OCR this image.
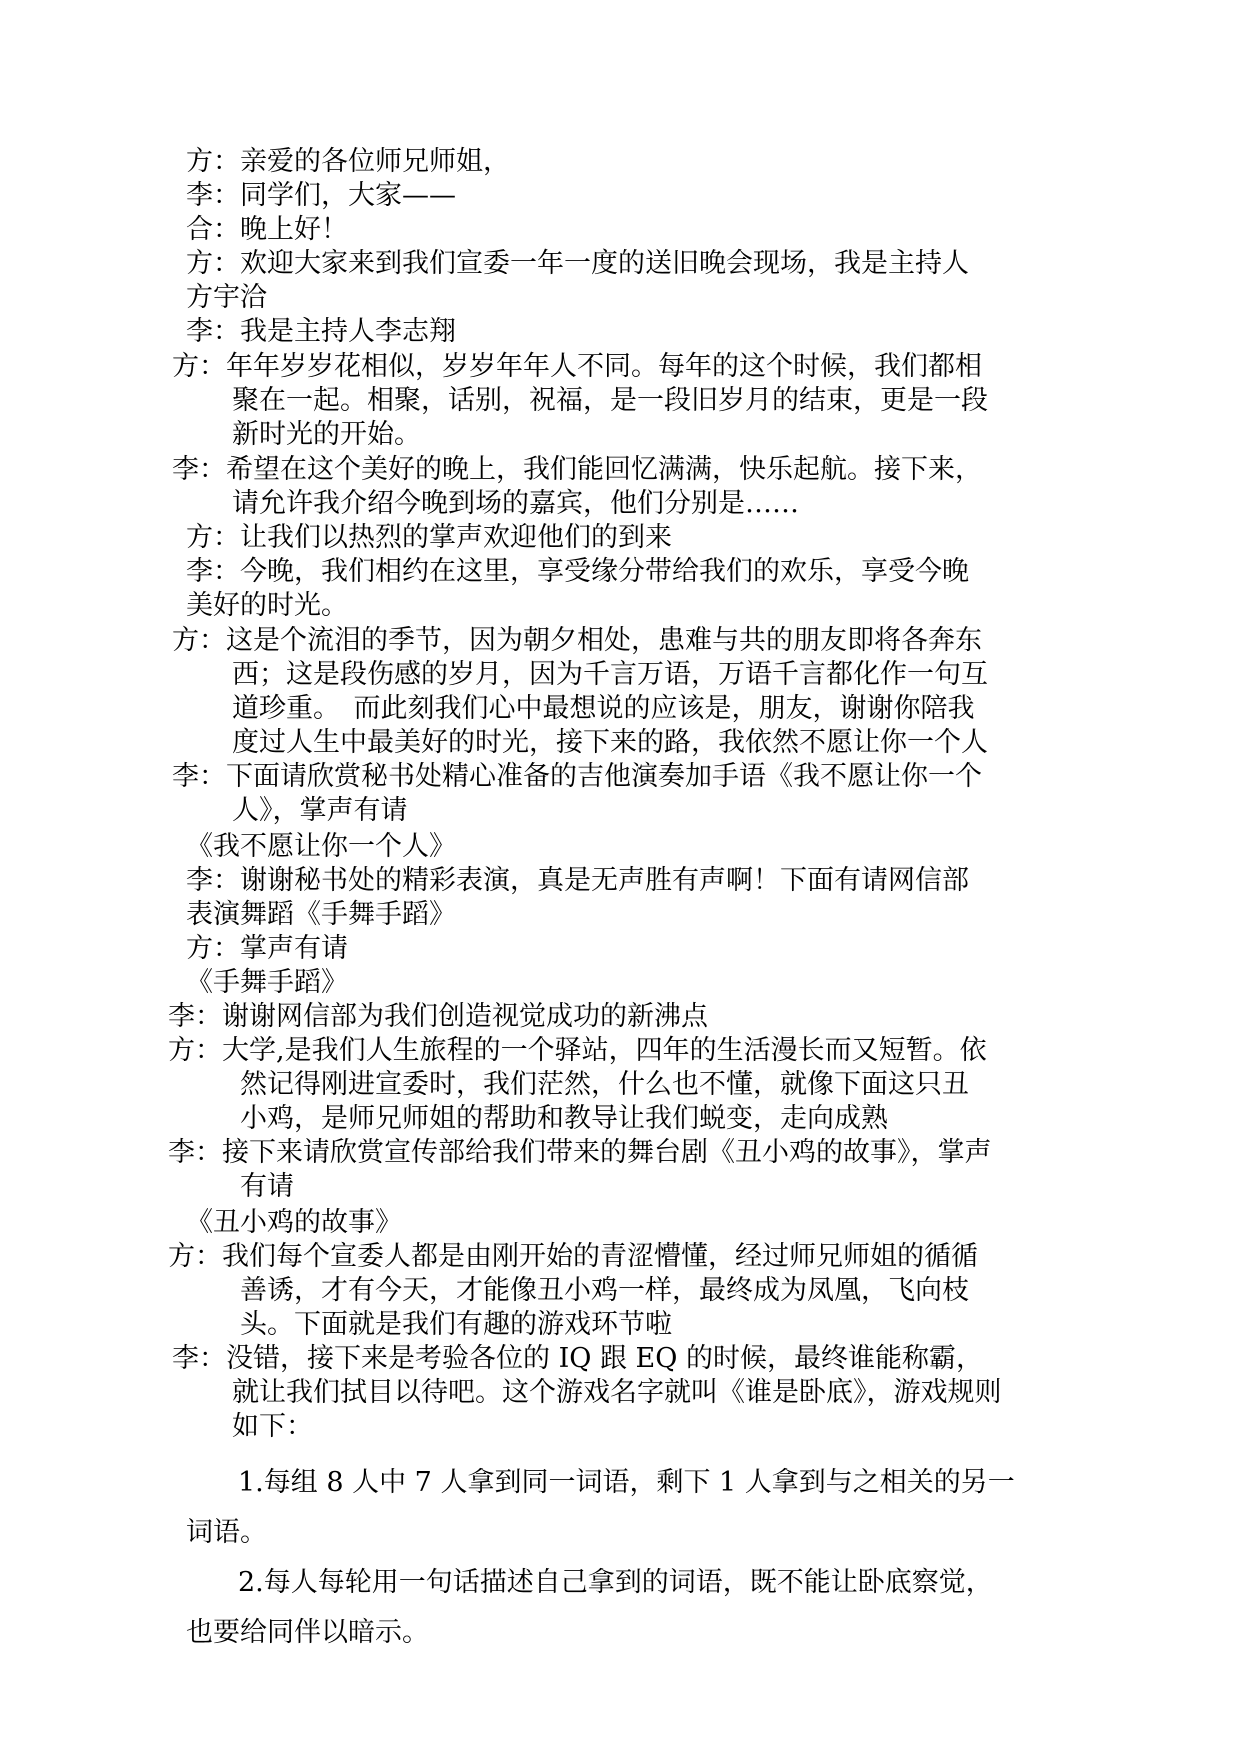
方：亲爱的各位师兄师姐，
李：同学们，大家——
合：晚上好！
方：欢迎大家来到我们宣委一年一度的送旧晚会现场，我是主持人
方宇洽
李：我是主持人李志翔
方：年年岁岁花相似，岁岁年年人不同。每年的这个时候，我们都相
聚在一起。相聚，话别，祝福，是一段旧岁月的结束，更是一段
新时光的开始。
李：希望在这个美好的晚上，我们能回忆满满，快乐起航。接下来，
请允许我介绍今晚到场的嘉宾，他们分别是……
方：让我们以热烈的掌声欢迎他们的到来
李：今晚，我们相约在这里，享受缘分带给我们的欢乐，享受今晚
美好的时光。
方：这是个流泪的季节，因为朝夕相处，患难与共的朋友即将各奔东
西；这是段伤感的岁月，因为千言万语，万语千言都化作一句互
道珍重。　而此刻我们心中最想说的应该是，朋友，谢谢你陪我
度过人生中最美好的时光，接下来的路，我依然不愿让你一个人
李：下面请欣赏秘书处精心准备的吉他演奏加手语《我不愿让你一个
人》，掌声有请
《我不愿让你一个人》
李：谢谢秘书处的精彩表演，真是无声胜有声啊！下面有请网信部
表演舞蹈《手舞手蹈》
方：掌声有请
《手舞手蹈》
李：谢谢网信部为我们创造视觉成功的新沸点
方：大学,是我们人生旅程的一个驿站，四年的生活漫长而又短暂。依
然记得刚进宣委时，我们茫然，什么也不懂，就像下面这只丑
小鸡，是师兄师姐的帮助和教导让我们蜕变，走向成熟
李：接下来请欣赏宣传部给我们带来的舞台剧《丑小鸡的故事》，掌声
有请
《丑小鸡的故事》
方：我们每个宣委人都是由刚开始的青涩懵懂，经过师兄师姐的循循
善诱，才有今天，才能像丑小鸡一样，最终成为凤凰，飞向枝
头。下面就是我们有趣的游戏环节啦
李：没错，接下来是考验各位的 IQ 跟 EQ 的时候，最终谁能称霸，
就让我们拭目以待吧。这个游戏名字就叫《谁是卧底》，游戏规则
如下：
1.每组 8 人中 7 人拿到同一词语，剩下 1 人拿到与之相关的另一
词语。
2.每人每轮用一句话描述自己拿到的词语，既不能让卧底察觉，
也要给同伴以暗示。
